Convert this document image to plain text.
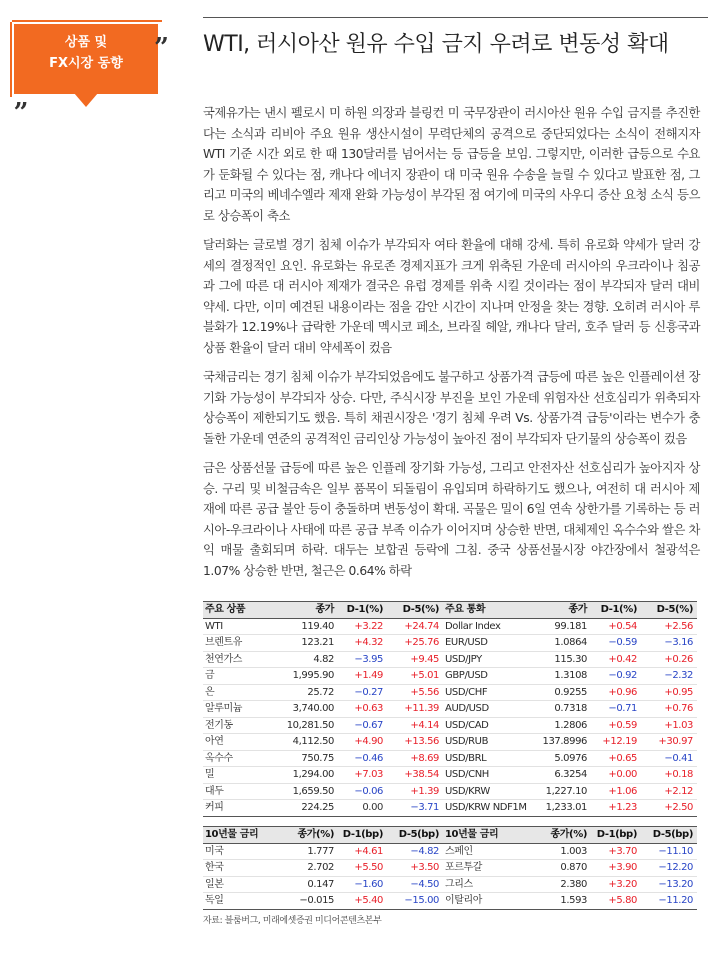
상품 및
FX시장 동향
”
„
WTI, 러시아산 원유 수입 금지 우려로 변동성 확대

국제유가는 낸시 펠로시 미 하원 의장과 블링컨 미 국무장관이 러시아산 원유 수입 금지를 추진한다는 소식과 리비아 주요 원유 생산시설이 무력단체의 공격으로 중단되었다는 소식이 전해지자 WTI 기준 시간 외로 한 때 130달러를 넘어서는 등 급등을 보임. 그렇지만, 이러한 급등으로 수요가 둔화될 수 있다는 점, 캐나다 에너지 장관이 대 미국 원유 수송을 늘릴 수 있다고 발표한 점, 그리고 미국의 베네수엘라 제재 완화 가능성이 부각된 점 여기에 미국의 사우디 증산 요청 소식 등으로 상승폭이 축소

달러화는 글로벌 경기 침체 이슈가 부각되자 여타 환율에 대해 강세. 특히 유로화 약세가 달러 강세의 결정적인 요인. 유로화는 유로존 경제지표가 크게 위축된 가운데 러시아의 우크라이나 침공과 그에 따른 대 러시아 제재가 결국은 유럽 경제를 위축 시킬 것이라는 점이 부각되자 달러 대비 약세. 다만, 이미 예견된 내용이라는 점을 감안 시간이 지나며 안정을 찾는 경향. 오히려 러시아 루블화가 12.19%나 급락한 가운데 멕시코 페소, 브라질 헤알, 캐나다 달러, 호주 달러 등 신흥국과 상품 환율이 달러 대비 약세폭이 컸음

국채금리는 경기 침체 이슈가 부각되었음에도 불구하고 상품가격 급등에 따른 높은 인플레이션 장기화 가능성이 부각되자 상승. 다만, 주식시장 부진을 보인 가운데 위험자산 선호심리가 위축되자 상승폭이 제한되기도 했음. 특히 채권시장은 '경기 침체 우려 Vs. 상품가격 급등'이라는 변수가 충돌한 가운데 연준의 공격적인 금리인상 가능성이 높아진 점이 부각되자 단기물의 상승폭이 컸음

금은 상품선물 급등에 따른 높은 인플레 장기화 가능성, 그리고 안전자산 선호심리가 높아지자 상승. 구리 및 비철금속은 일부 품목이 되돌림이 유입되며 하락하기도 했으나, 여전히 대 러시아 제재에 따른 공급 불안 등이 충돌하며 변동성이 확대. 곡물은 밀이 6일 연속 상한가를 기록하는 등 러시아-우크라이나 사태에 따른 공급 부족 이슈가 이어지며 상승한 반면, 대체제인 옥수수와 쌀은 차익 매물 출회되며 하락. 대두는 보합권 등락에 그침. 중국 상품선물시장 야간장에서 철광석은 1.07% 상승한 반면, 철근은 0.64% 하락

주요 상품	종가	D-1(%)	D-5(%)	주요 통화	종가	D-1(%)	D-5(%)
WTI	119.40	+3.22	+24.74	Dollar Index	99.181	+0.54	+2.56
브렌트유	123.21	+4.32	+25.76	EUR/USD	1.0864	−0.59	−3.16
천연가스	4.82	−3.95	+9.45	USD/JPY	115.30	+0.42	+0.26
금	1,995.90	+1.49	+5.01	GBP/USD	1.3108	−0.92	−2.32
은	25.72	−0.27	+5.56	USD/CHF	0.9255	+0.96	+0.95
알루미늄	3,740.00	+0.63	+11.39	AUD/USD	0.7318	−0.71	+0.76
전기동	10,281.50	−0.67	+4.14	USD/CAD	1.2806	+0.59	+1.03
아연	4,112.50	+4.90	+13.56	USD/RUB	137.8996	+12.19	+30.97
옥수수	750.75	−0.46	+8.69	USD/BRL	5.0976	+0.65	−0.41
밀	1,294.00	+7.03	+38.54	USD/CNH	6.3254	+0.00	+0.18
대두	1,659.50	−0.06	+1.39	USD/KRW	1,227.10	+1.06	+2.12
커피	224.25	0.00	−3.71	USD/KRW NDF1M	1,233.01	+1.23	+2.50
10년물 금리	종가(%)	D-1(bp)	D-5(bp)	10년물 금리	종가(%)	D-1(bp)	D-5(bp)
미국	1.777	+4.61	−4.82	스페인	1.003	+3.70	−11.10
한국	2.702	+5.50	+3.50	포르투갈	0.870	+3.90	−12.20
일본	0.147	−1.60	−4.50	그리스	2.380	+3.20	−13.20
독일	−0.015	+5.40	−15.00	이탈리아	1.593	+5.80	−11.20
자료: 블룸버그, 미래에셋증권 미디어콘텐츠본부
